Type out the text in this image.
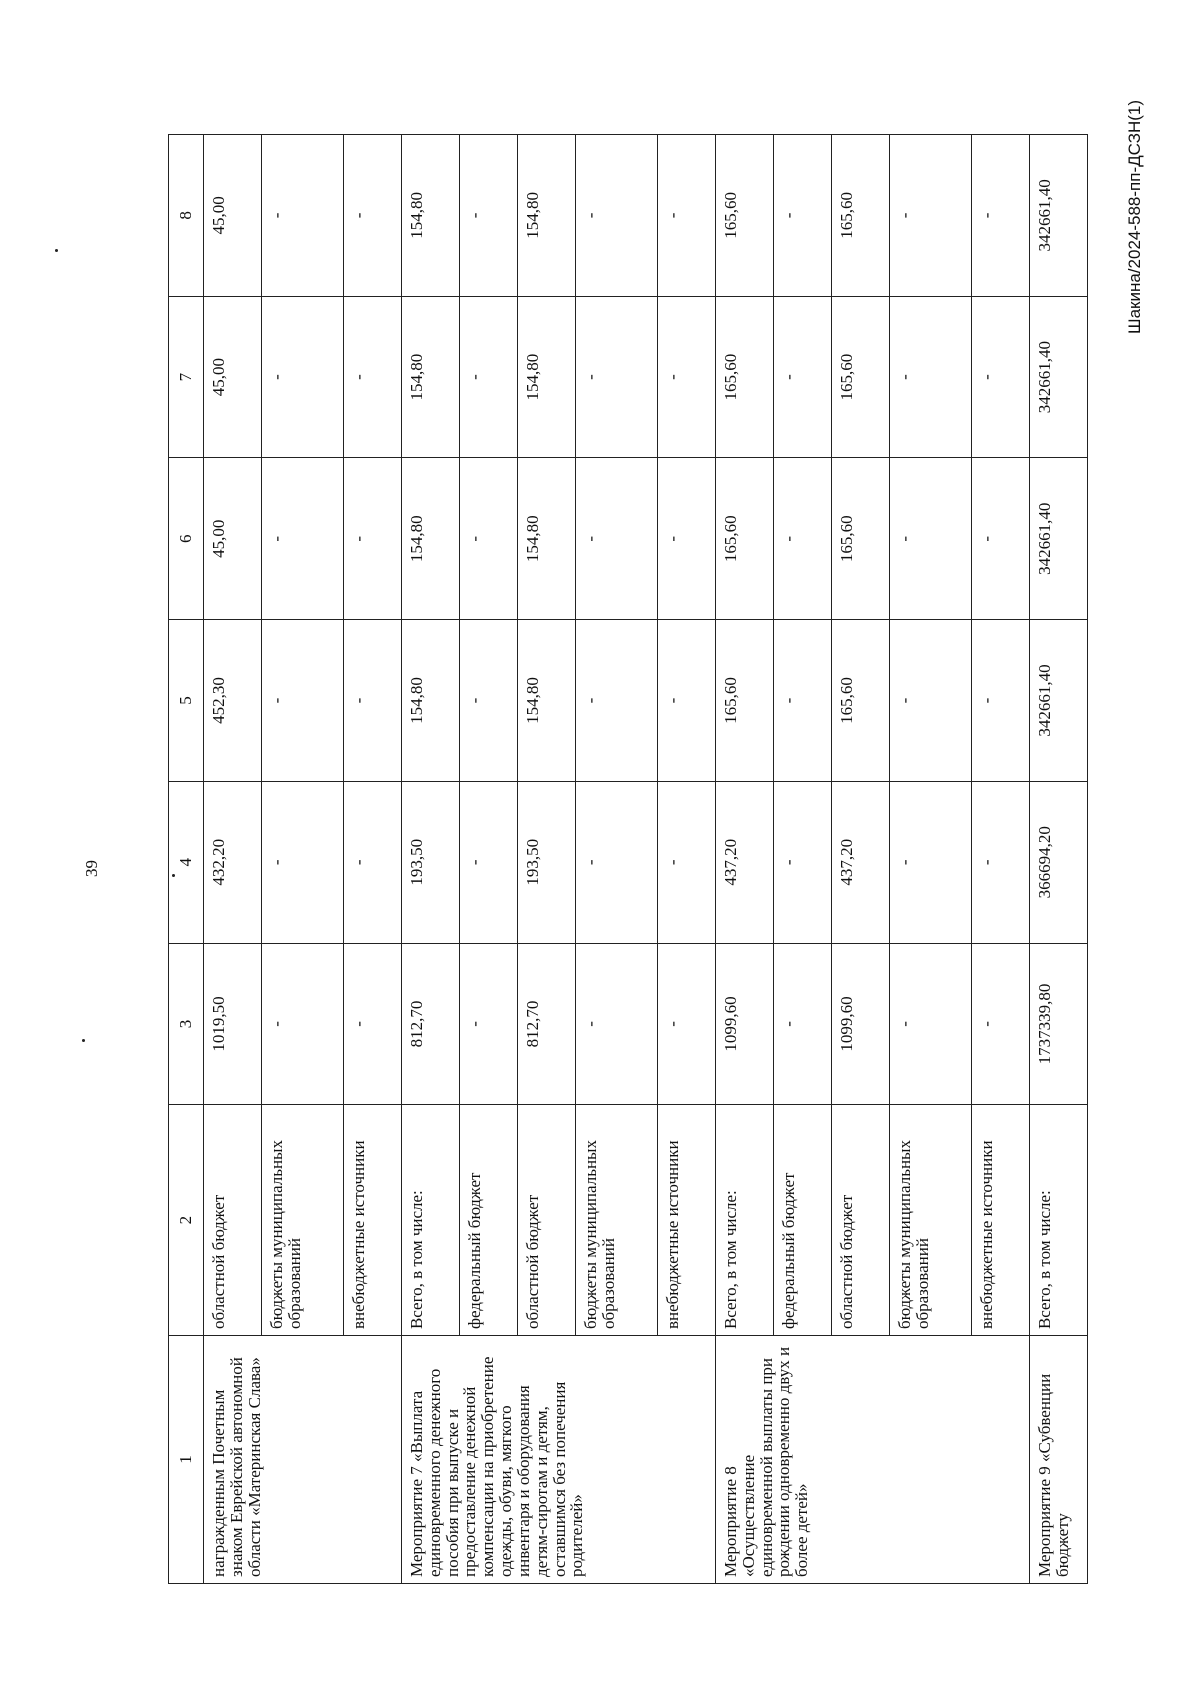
39
1	2	3	4	5	6	7	8
награжденным Почетным знаком Еврейской автономной области «Материнская Слава»	областной бюджет	1019,50	432,20	452,30	45,00	45,00	45,00
	бюджеты муниципальных образований	-	-	-	-	-	-
	внебюджетные источники	-	-	-	-	-	-
Мероприятие 7 «Выплата единовременного денежного пособия при выпуске и предоставление денежной компенсации на приобретение одежды, обуви, мягкого инвентаря и оборудования детям-сиротам и детям, оставшимся без попечения родителей»	Всего, в том числе:	812,70	193,50	154,80	154,80	154,80	154,80
	федеральный бюджет	-	-	-	-	-	-
	областной бюджет	812,70	193,50	154,80	154,80	154,80	154,80
	бюджеты муниципальных образований	-	-	-	-	-	-
	внебюджетные источники	-	-	-	-	-	-
Мероприятие 8 «Осуществление единовременной выплаты при рождении одновременно двух и более детей»	Всего, в том числе:	1099,60	437,20	165,60	165,60	165,60	165,60
	федеральный бюджет	-	-	-	-	-	-
	областной бюджет	1099,60	437,20	165,60	165,60	165,60	165,60
	бюджеты муниципальных образований	-	-	-	-	-	-
	внебюджетные источники	-	-	-	-	-	-
Мероприятие 9 «Субвенции бюджету	Всего, в том числе:	1737339,80	366694,20	342661,40	342661,40	342661,40	342661,40	Шакина/2024-588-пп-ДСЗН(1)
